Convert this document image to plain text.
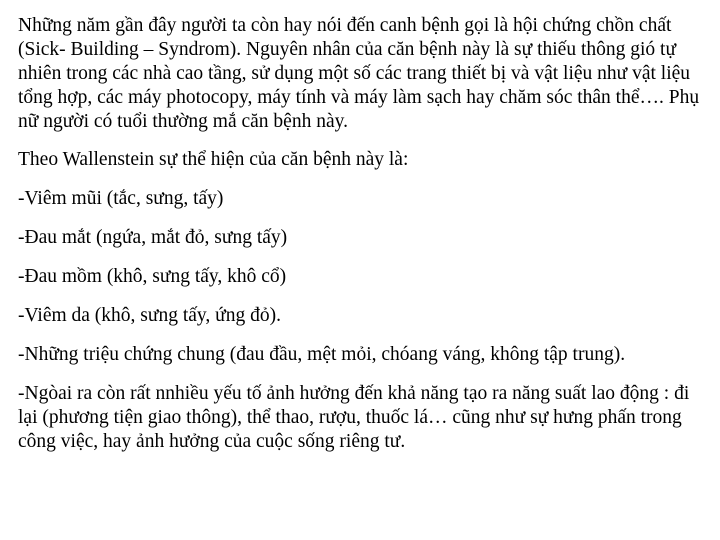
Những năm gần đây người ta còn hay nói đến canh bệnh gọi là hội chứng chồn chất (Sick- Building – Syndrom). Nguyên nhân của căn bệnh này là sự thiếu thông gió tự nhiên trong các nhà cao tầng, sử dụng một số các trang thiết bị và vật liệu như vật liệu tổng hợp, các máy photocopy, máy tính và máy làm sạch hay chăm sóc thân thể…. Phụ nữ người có tuổi thường mắ căn bệnh này.

Theo Wallenstein sự thể hiện của căn bệnh này là:

-Viêm mũi (tắc, sưng, tấy)

-Đau mắt (ngứa, mắt đỏ, sưng tấy)

-Đau mồm (khô, sưng tấy, khô cổ)

-Viêm da (khô, sưng tấy, ứng đỏ).

-Những triệu chứng chung (đau đầu, mệt mỏi, chóang váng, không tập trung).

-Ngòai ra còn rất nnhiều yếu tố ảnh hưởng đến khả năng tạo ra năng suất lao động : đi lại (phương tiện giao thông), thể thao, rượu, thuốc lá… cũng như sự hưng phấn trong công việc, hay ảnh hưởng của cuộc sống riêng tư.
